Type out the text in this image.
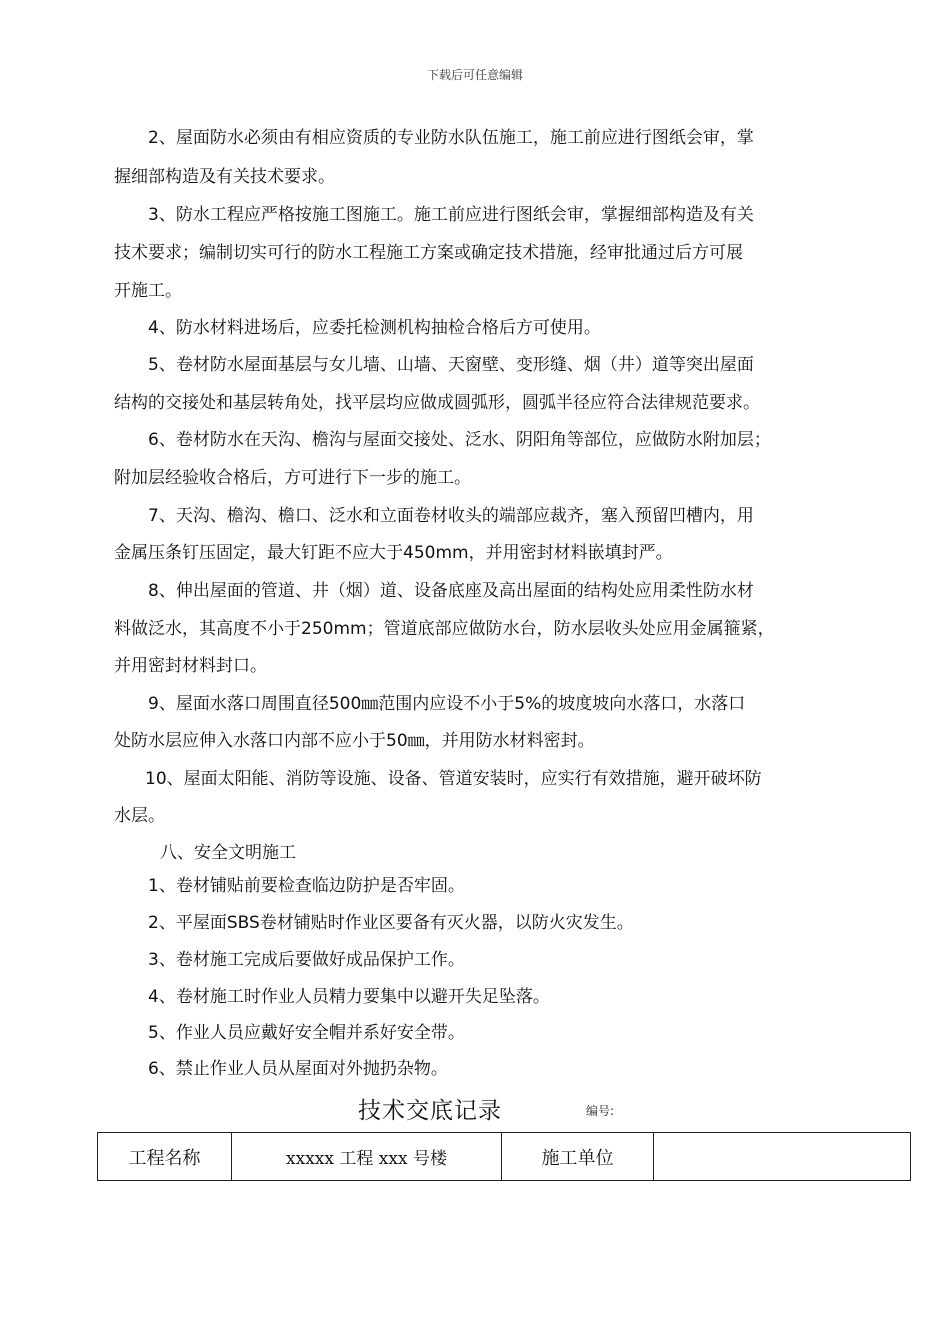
下载后可任意编辑
2、屋面防水必须由有相应资质的专业防水队伍施工，施工前应进行图纸会审，掌
握细部构造及有关技术要求。
3、防水工程应严格按施工图施工。施工前应进行图纸会审，掌握细部构造及有关
技术要求；编制切实可行的防水工程施工方案或确定技术措施，经审批通过后方可展
开施工。
4、防水材料进场后，应委托检测机构抽检合格后方可使用。
5、卷材防水屋面基层与女儿墙、山墙、天窗壁、变形缝、烟（井）道等突出屋面
结构的交接处和基层转角处，找平层均应做成圆弧形，圆弧半径应符合法律规范要求。
6、卷材防水在天沟、檐沟与屋面交接处、泛水、阴阳角等部位，应做防水附加层；
附加层经验收合格后，方可进行下一步的施工。
7、天沟、檐沟、檐口、泛水和立面卷材收头的端部应裁齐，塞入预留凹槽内，用
金属压条钉压固定，最大钉距不应大于450mm，并用密封材料嵌填封严。
8、伸出屋面的管道、井（烟）道、设备底座及高出屋面的结构处应用柔性防水材
料做泛水，其高度不小于250mm；管道底部应做防水台，防水层收头处应用金属箍紧，
并用密封材料封口。
9、屋面水落口周围直径500㎜范围内应设不小于5%的坡度坡向水落口，水落口
处防水层应伸入水落口内部不应小于50㎜，并用防水材料密封。
10、屋面太阳能、消防等设施、设备、管道安装时，应实行有效措施，避开破坏防
水层。
八、安全文明施工
1、卷材铺贴前要检查临边防护是否牢固。
2、平屋面SBS卷材铺贴时作业区要备有灭火器，以防火灾发生。
3、卷材施工完成后要做好成品保护工作。
4、卷材施工时作业人员精力要集中以避开失足坠落。
5、作业人员应戴好安全帽并系好安全带。
6、禁止作业人员从屋面对外抛扔杂物。
技术交底记录	编号:
工程名称	xxxxx 工程 xxx 号楼	施工单位	
